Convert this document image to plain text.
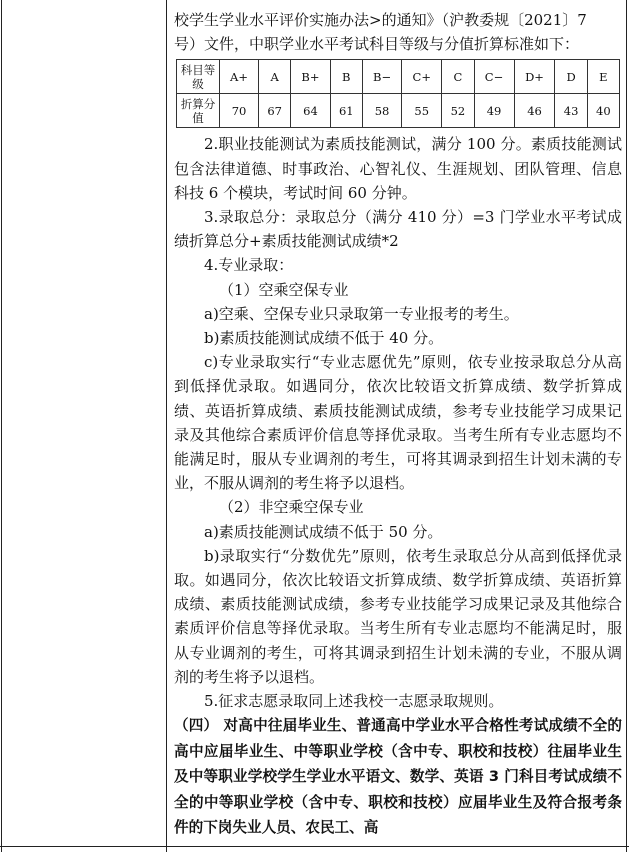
校学生学业水平评价实施办法>的通知》（沪教委规〔2021〕7

号）文件，中职学业水平考试科目等级与分值折算标准如下：

科目等级	A+	A	B+	B	B−	C+	C	C−	D+	D	E
折算分值	70	67	64	61	58	55	52	49	46	43	40

2.职业技能测试为素质技能测试，满分 100 分。素质技能测试包含法律道德、时事政治、心智礼仪、生涯规划、团队管理、信息科技 6 个模块，考试时间 60 分钟。

3.录取总分：录取总分（满分 410 分）=3 门学业水平考试成绩折算总分+素质技能测试成绩*2

4.专业录取：

（1）空乘空保专业

a)空乘、空保专业只录取第一专业报考的考生。

b)素质技能测试成绩不低于 40 分。

c)专业录取实行“专业志愿优先”原则，依专业按录取总分从高到低择优录取。如遇同分，依次比较语文折算成绩、数学折算成绩、英语折算成绩、素质技能测试成绩，参考专业技能学习成果记录及其他综合素质评价信息等择优录取。当考生所有专业志愿均不能满足时，服从专业调剂的考生，可将其调录到招生计划未满的专业，不服从调剂的考生将予以退档。

（2）非空乘空保专业

a)素质技能测试成绩不低于 50 分。

b)录取实行“分数优先”原则，依考生录取总分从高到低择优录取。如遇同分，依次比较语文折算成绩、数学折算成绩、英语折算成绩、素质技能测试成绩，参考专业技能学习成果记录及其他综合素质评价信息等择优录取。当考生所有专业志愿均不能满足时，服从专业调剂的考生，可将其调录到招生计划未满的专业，不服从调剂的考生将予以退档。

5.征求志愿录取同上述我校一志愿录取规则。

（四） 对高中往届毕业生、普通高中学业水平合格性考试成绩不全的高中应届毕业生、中等职业学校（含中专、职校和技校）往届毕业生及中等职业学校学生学业水平语文、数学、英语 3 门科目考试成绩不全的中等职业学校（含中专、职校和技校）应届毕业生及符合报考条件的下岗失业人员、农民工、高
